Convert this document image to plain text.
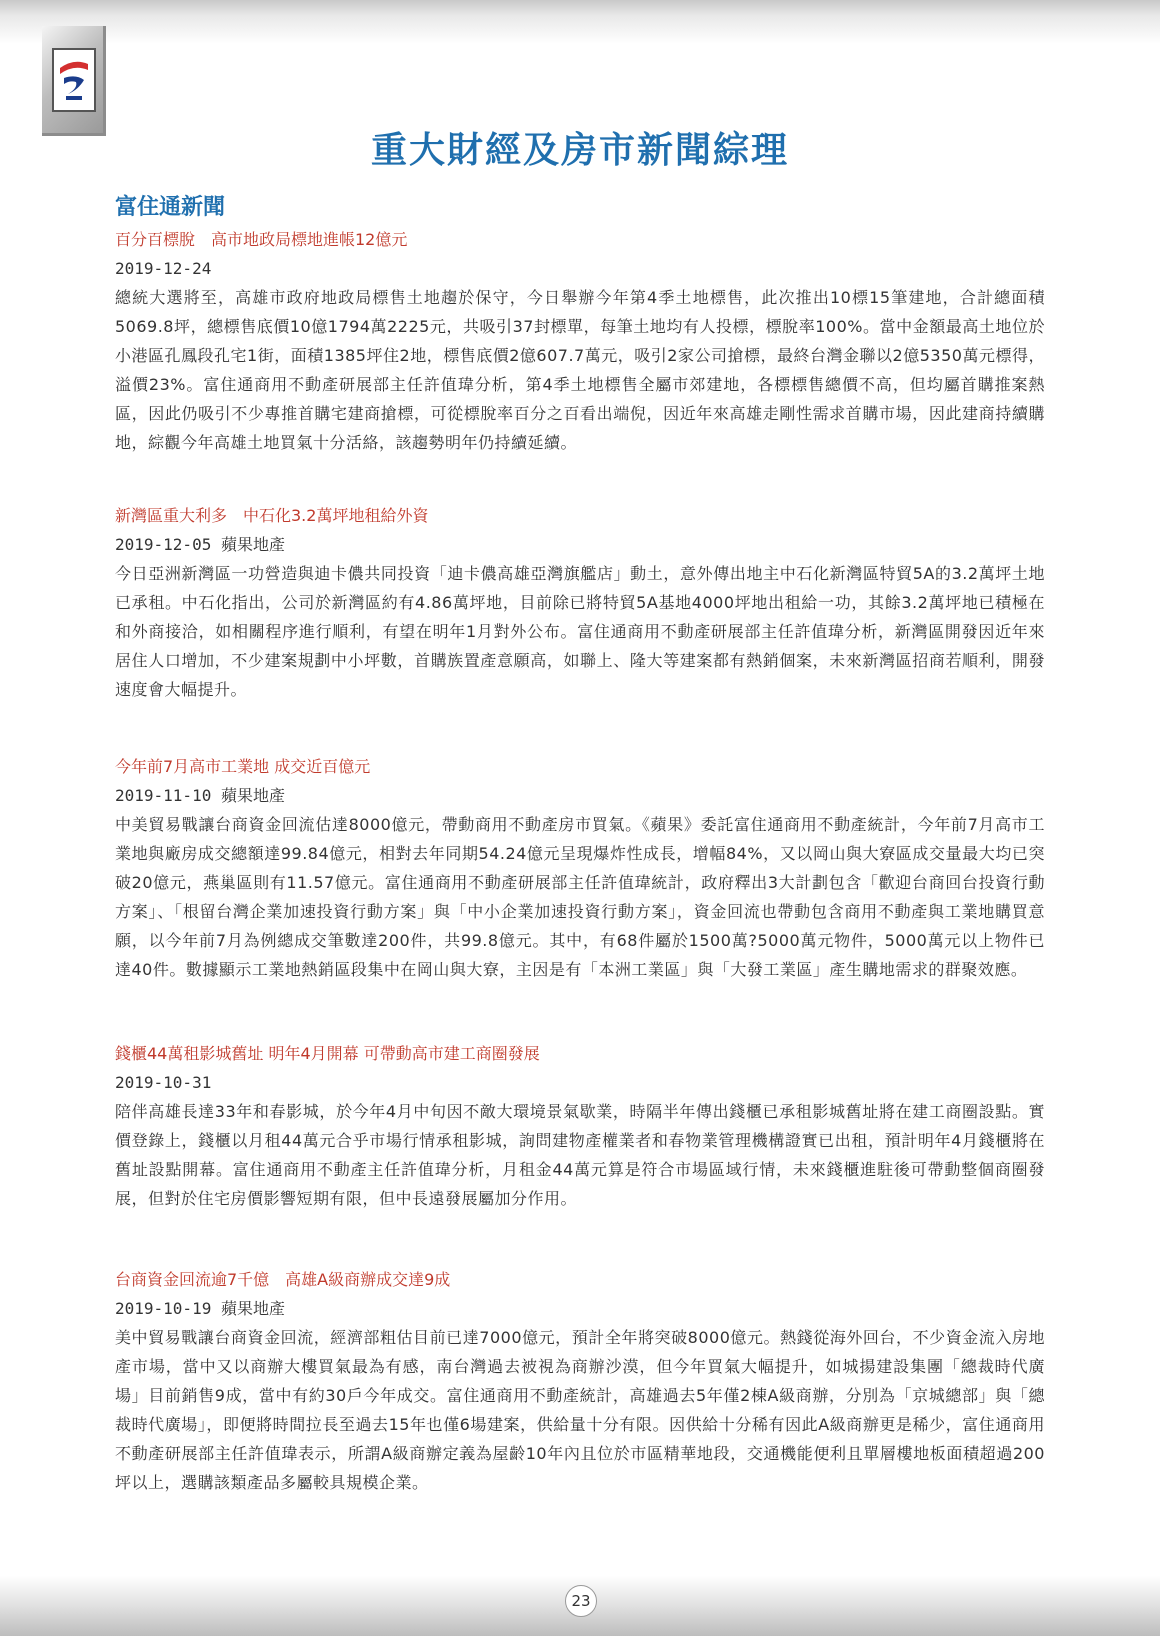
重大財經及房市新聞綜理
富住通新聞
百分百標脫　高市地政局標地進帳12億元
2019-12-24
總統大選將至，高雄市政府地政局標售土地趨於保守，今日舉辦今年第4季土地標售，此次推出10標15筆建地，合計總面積5069.8坪，總標售底價10億1794萬2225元，共吸引37封標單，每筆土地均有人投標，標脫率100%。當中金額最高土地位於小港區孔鳳段孔宅1街，面積1385坪住2地，標售底價2億607.7萬元，吸引2家公司搶標，最終台灣金聯以2億5350萬元標得，溢價23%。富住通商用不動產研展部主任許值瑋分析，第4季土地標售全屬市郊建地，各標標售總價不高，但均屬首購推案熱區，因此仍吸引不少專推首購宅建商搶標，可從標脫率百分之百看出端倪，因近年來高雄走剛性需求首購市場，因此建商持續購地，綜觀今年高雄土地買氣十分活絡，該趨勢明年仍持續延續。
新灣區重大利多　中石化3.2萬坪地租給外資
2019-12-05 蘋果地產
今日亞洲新灣區一功營造與迪卡儂共同投資「迪卡儂高雄亞灣旗艦店」動土，意外傳出地主中石化新灣區特貿5A的3.2萬坪土地已承租。中石化指出，公司於新灣區約有4.86萬坪地，目前除已將特貿5A基地4000坪地出租給一功，其餘3.2萬坪地已積極在和外商接洽，如相關程序進行順利，有望在明年1月對外公布。富住通商用不動產研展部主任許值瑋分析，新灣區開發因近年來居住人口增加，不少建案規劃中小坪數，首購族置產意願高，如聯上、隆大等建案都有熱銷個案，未來新灣區招商若順利，開發速度會大幅提升。
今年前7月高市工業地 成交近百億元
2019-11-10 蘋果地產
中美貿易戰讓台商資金回流估達8000億元，帶動商用不動產房市買氣。《蘋果》委託富住通商用不動產統計，今年前7月高市工業地與廠房成交總額達99.84億元，相對去年同期54.24億元呈現爆炸性成長，增幅84%，又以岡山與大寮區成交量最大均已突破20億元，燕巢區則有11.57億元。富住通商用不動產研展部主任許值瑋統計，政府釋出3大計劃包含「歡迎台商回台投資行動方案」、「根留台灣企業加速投資行動方案」與「中小企業加速投資行動方案」，資金回流也帶動包含商用不動產與工業地購買意願，以今年前7月為例總成交筆數達200件，共99.8億元。其中，有68件屬於1500萬?5000萬元物件，5000萬元以上物件已達40件。數據顯示工業地熱銷區段集中在岡山與大寮，主因是有「本洲工業區」與「大發工業區」產生購地需求的群聚效應。
錢櫃44萬租影城舊址 明年4月開幕 可帶動高市建工商圈發展
2019-10-31
陪伴高雄長達33年和春影城，於今年4月中旬因不敵大環境景氣歇業，時隔半年傳出錢櫃已承租影城舊址將在建工商圈設點。實價登錄上，錢櫃以月租44萬元合乎市場行情承租影城，詢問建物產權業者和春物業管理機構證實已出租，預計明年4月錢櫃將在舊址設點開幕。富住通商用不動產主任許值瑋分析，月租金44萬元算是符合市場區域行情，未來錢櫃進駐後可帶動整個商圈發展，但對於住宅房價影響短期有限，但中長遠發展屬加分作用。
台商資金回流逾7千億　高雄A級商辦成交達9成
2019-10-19 蘋果地產
美中貿易戰讓台商資金回流，經濟部粗估目前已達7000億元，預計全年將突破8000億元。熱錢從海外回台，不少資金流入房地產市場，當中又以商辦大樓買氣最為有感，南台灣過去被視為商辦沙漠，但今年買氣大幅提升，如城揚建設集團「總裁時代廣場」目前銷售9成，當中有約30戶今年成交。富住通商用不動產統計，高雄過去5年僅2棟A級商辦，分別為「京城總部」與「總裁時代廣場」，即便將時間拉長至過去15年也僅6場建案，供給量十分有限。因供給十分稀有因此A級商辦更是稀少，富住通商用不動產研展部主任許值瑋表示，所謂A級商辦定義為屋齡10年內且位於市區精華地段，交通機能便利且單層樓地板面積超過200坪以上，選購該類產品多屬較具規模企業。
23
